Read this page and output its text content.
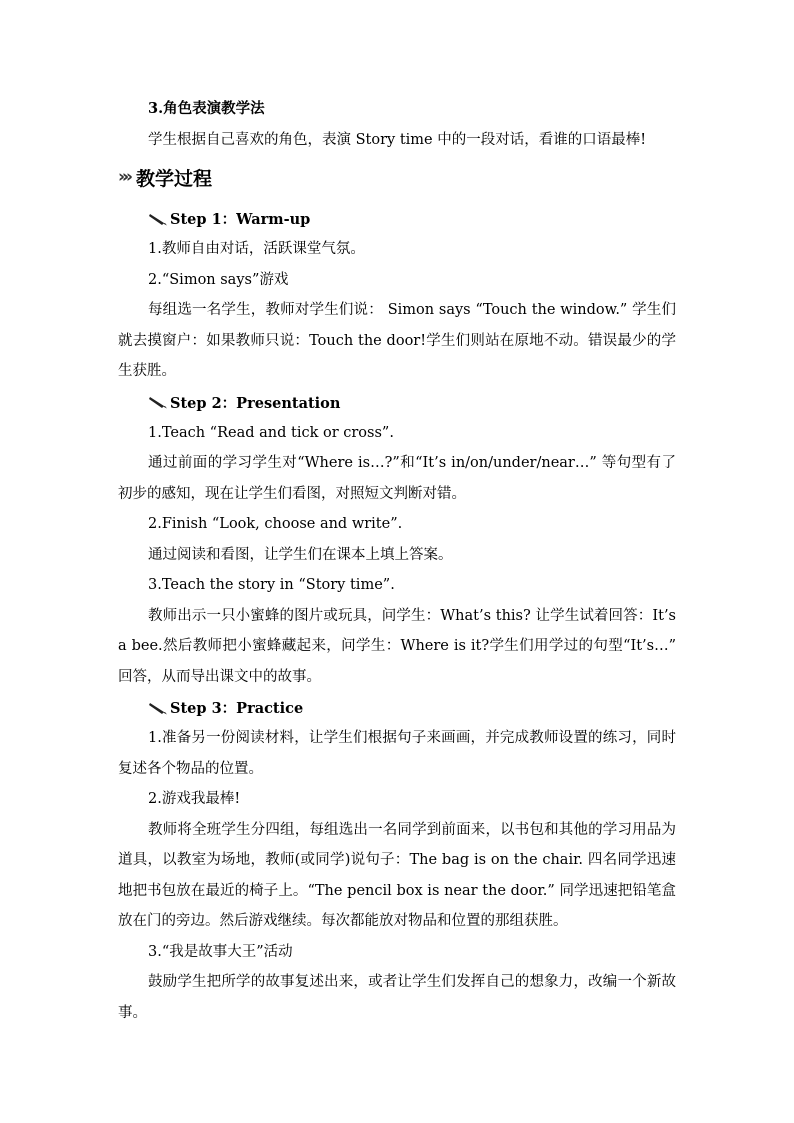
3.角色表演教学法
学生根据自己喜欢的角色，表演 Story time 中的一段对话，看谁的口语最棒!
» » 教学过程
Step 1：Warm-up
1.教师自由对话，活跃课堂气氛。
2.“Simon says”游戏
每组选一名学生，教师对学生们说： Simon says “Touch the window.” 学生们就去摸窗户：如果教师只说：Touch the door!学生们则站在原地不动。错误最少的学生获胜。
Step 2：Presentation
1.Teach “Read and tick or cross”.
通过前面的学习学生对“Where is…?”和“It’s in/on/under/near…” 等句型有了初步的感知，现在让学生们看图，对照短文判断对错。
2.Finish “Look, choose and write”.
通过阅读和看图，让学生们在课本上填上答案。
3.Teach the story in “Story time”.
教师出示一只小蜜蜂的图片或玩具，问学生：What’s this? 让学生试着回答：It’s a bee.然后教师把小蜜蜂藏起来，问学生：Where is it?学生们用学过的句型“It’s…” 回答，从而导出课文中的故事。
Step 3：Practice
1.准备另一份阅读材料，让学生们根据句子来画画，并完成教师设置的练习，同时复述各个物品的位置。
2.游戏我最棒!
教师将全班学生分四组，每组选出一名同学到前面来，以书包和其他的学习用品为道具，以教室为场地，教师(或同学)说句子：The bag is on the chair. 四名同学迅速地把书包放在最近的椅子上。“The pencil box is near the door.” 同学迅速把铅笔盒放在门的旁边。然后游戏继续。每次都能放对物品和位置的那组获胜。
3.“我是故事大王”活动
鼓励学生把所学的故事复述出来，或者让学生们发挥自己的想象力，改编一个新故事。
